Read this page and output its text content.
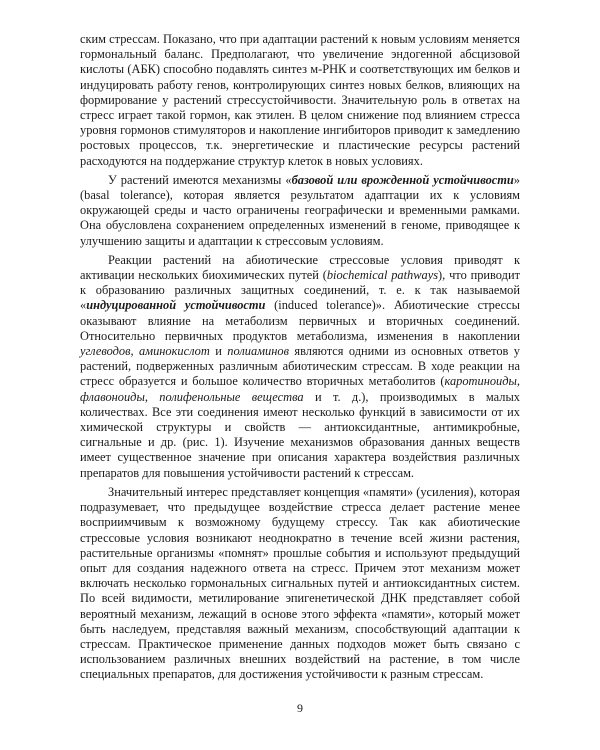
ским стрессам. Показано, что при адаптации растений к новым условиям меняется гормональный баланс. Предполагают, что увеличение эндогенной абсцизовой кислоты (АБК) способно подавлять синтез м-РНК и соответствующих им белков и индуцировать работу генов, контролирующих синтез новых белков, влияющих на формирование у растений стрессустойчивости. Значительную роль в ответах на стресс играет такой гормон, как этилен. В целом снижение под влиянием стресса уровня гормонов стимуляторов и накопление ингибиторов приводит к замедлению ростовых процессов, т.к. энергетические и пластические ресурсы растений расходуются на поддержание структур клеток в новых условиях.

У растений имеются механизмы «базовой или врожденной устойчивости» (basal tolerance), которая является результатом адаптации их к условиям окружающей среды и часто ограничены географически и временными рамками. Она обусловлена сохранением определенных изменений в геноме, приводящее к улучшению защиты и адаптации к стрессовым условиям.

Реакции растений на абиотические стрессовые условия приводят к активации нескольких биохимических путей (biochemical pathways), что приводит к образованию различных защитных соединений, т. е. к так называемой «индуцированной устойчивости (induced tolerance)». Абиотические стрессы оказывают влияние на метаболизм первичных и вторичных соединений. Относительно первичных продуктов метаболизма, изменения в накоплении углеводов, аминокислот и полиаминов являются одними из основных ответов у растений, подверженных различным абиотическим стрессам. В ходе реакции на стресс образуется и большое количество вторичных метаболитов (каротиноиды, флавоноиды, полифенольные вещества и т. д.), производимых в малых количествах. Все эти соединения имеют несколько функций в зависимости от их химической структуры и свойств — антиоксидантные, антимикробные, сигнальные и др. (рис. 1). Изучение механизмов образования данных веществ имеет существенное значение при описания характера воздействия различных препаратов для повышения устойчивости растений к стрессам.

Значительный интерес представляет концепция «памяти» (усиления), которая подразумевает, что предыдущее воздействие стресса делает растение менее восприимчивым к возможному будущему стрессу. Так как абиотические стрессовые условия возникают неоднократно в течение всей жизни растения, растительные организмы «помнят» прошлые события и используют предыдущий опыт для создания надежного ответа на стресс. Причем этот механизм может включать несколько гормональных сигнальных путей и антиоксидантных систем. По всей видимости, метилирование эпигенетической ДНК представляет собой вероятный механизм, лежащий в основе этого эффекта «памяти», который может быть наследуем, представляя важный механизм, способствующий адаптации к стрессам. Практическое применение данных подходов может быть связано с использованием различных внешних воздействий на растение, в том числе специальных препаратов, для достижения устойчивости к разным стрессам.

9
